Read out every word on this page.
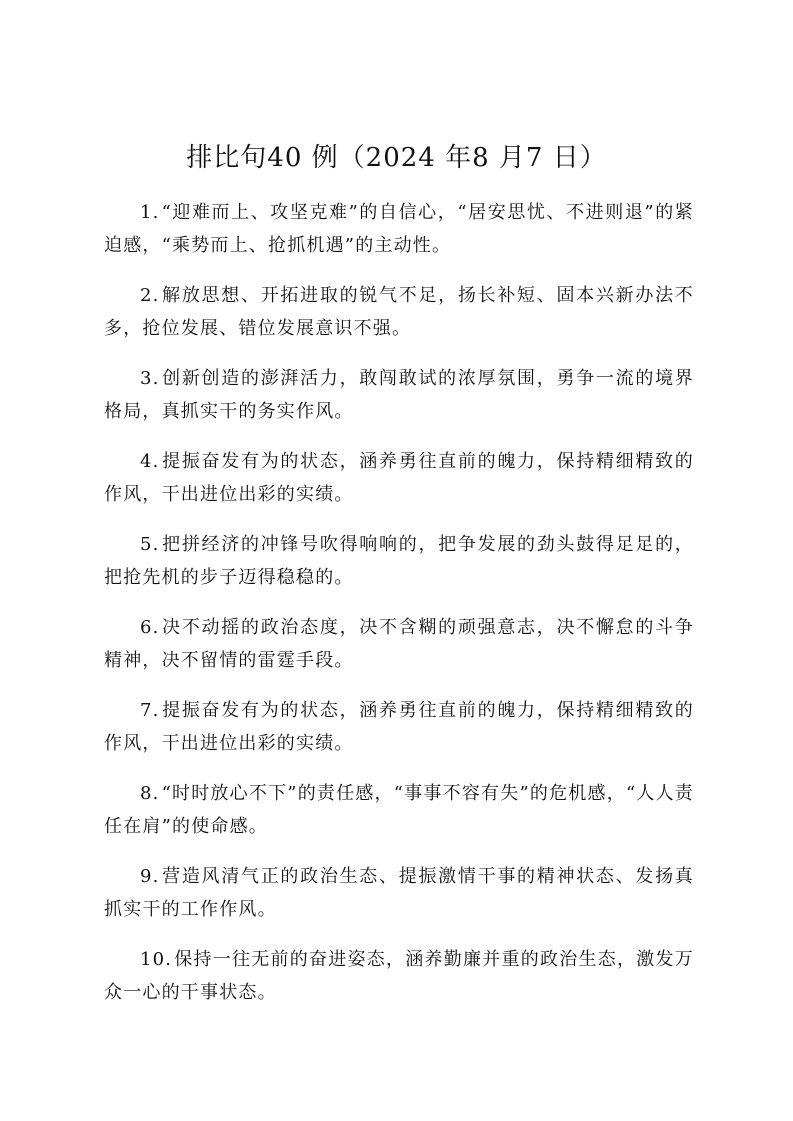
排比句40 例（2024 年8 月7 日）
1. “迎难而上、攻坚克难”的自信心，“居安思忧、不进则退”的紧迫感，“乘势而上、抢抓机遇”的主动性。
2. 解放思想、开拓进取的锐气不足，扬长补短、固本兴新办法不多，抢位发展、错位发展意识不强。
3. 创新创造的澎湃活力，敢闯敢试的浓厚氛围，勇争一流的境界格局，真抓实干的务实作风。
4. 提振奋发有为的状态，涵养勇往直前的魄力，保持精细精致的作风，干出进位出彩的实绩。
5. 把拼经济的冲锋号吹得响响的，把争发展的劲头鼓得足足的，把抢先机的步子迈得稳稳的。
6. 决不动摇的政治态度，决不含糊的顽强意志，决不懈怠的斗争精神，决不留情的雷霆手段。
7. 提振奋发有为的状态，涵养勇往直前的魄力，保持精细精致的作风，干出进位出彩的实绩。
8. “时时放心不下”的责任感，“事事不容有失”的危机感，“人人责任在肩”的使命感。
9. 营造风清气正的政治生态、提振激情干事的精神状态、发扬真抓实干的工作作风。
10. 保持一往无前的奋进姿态，涵养勤廉并重的政治生态，激发万众一心的干事状态。
